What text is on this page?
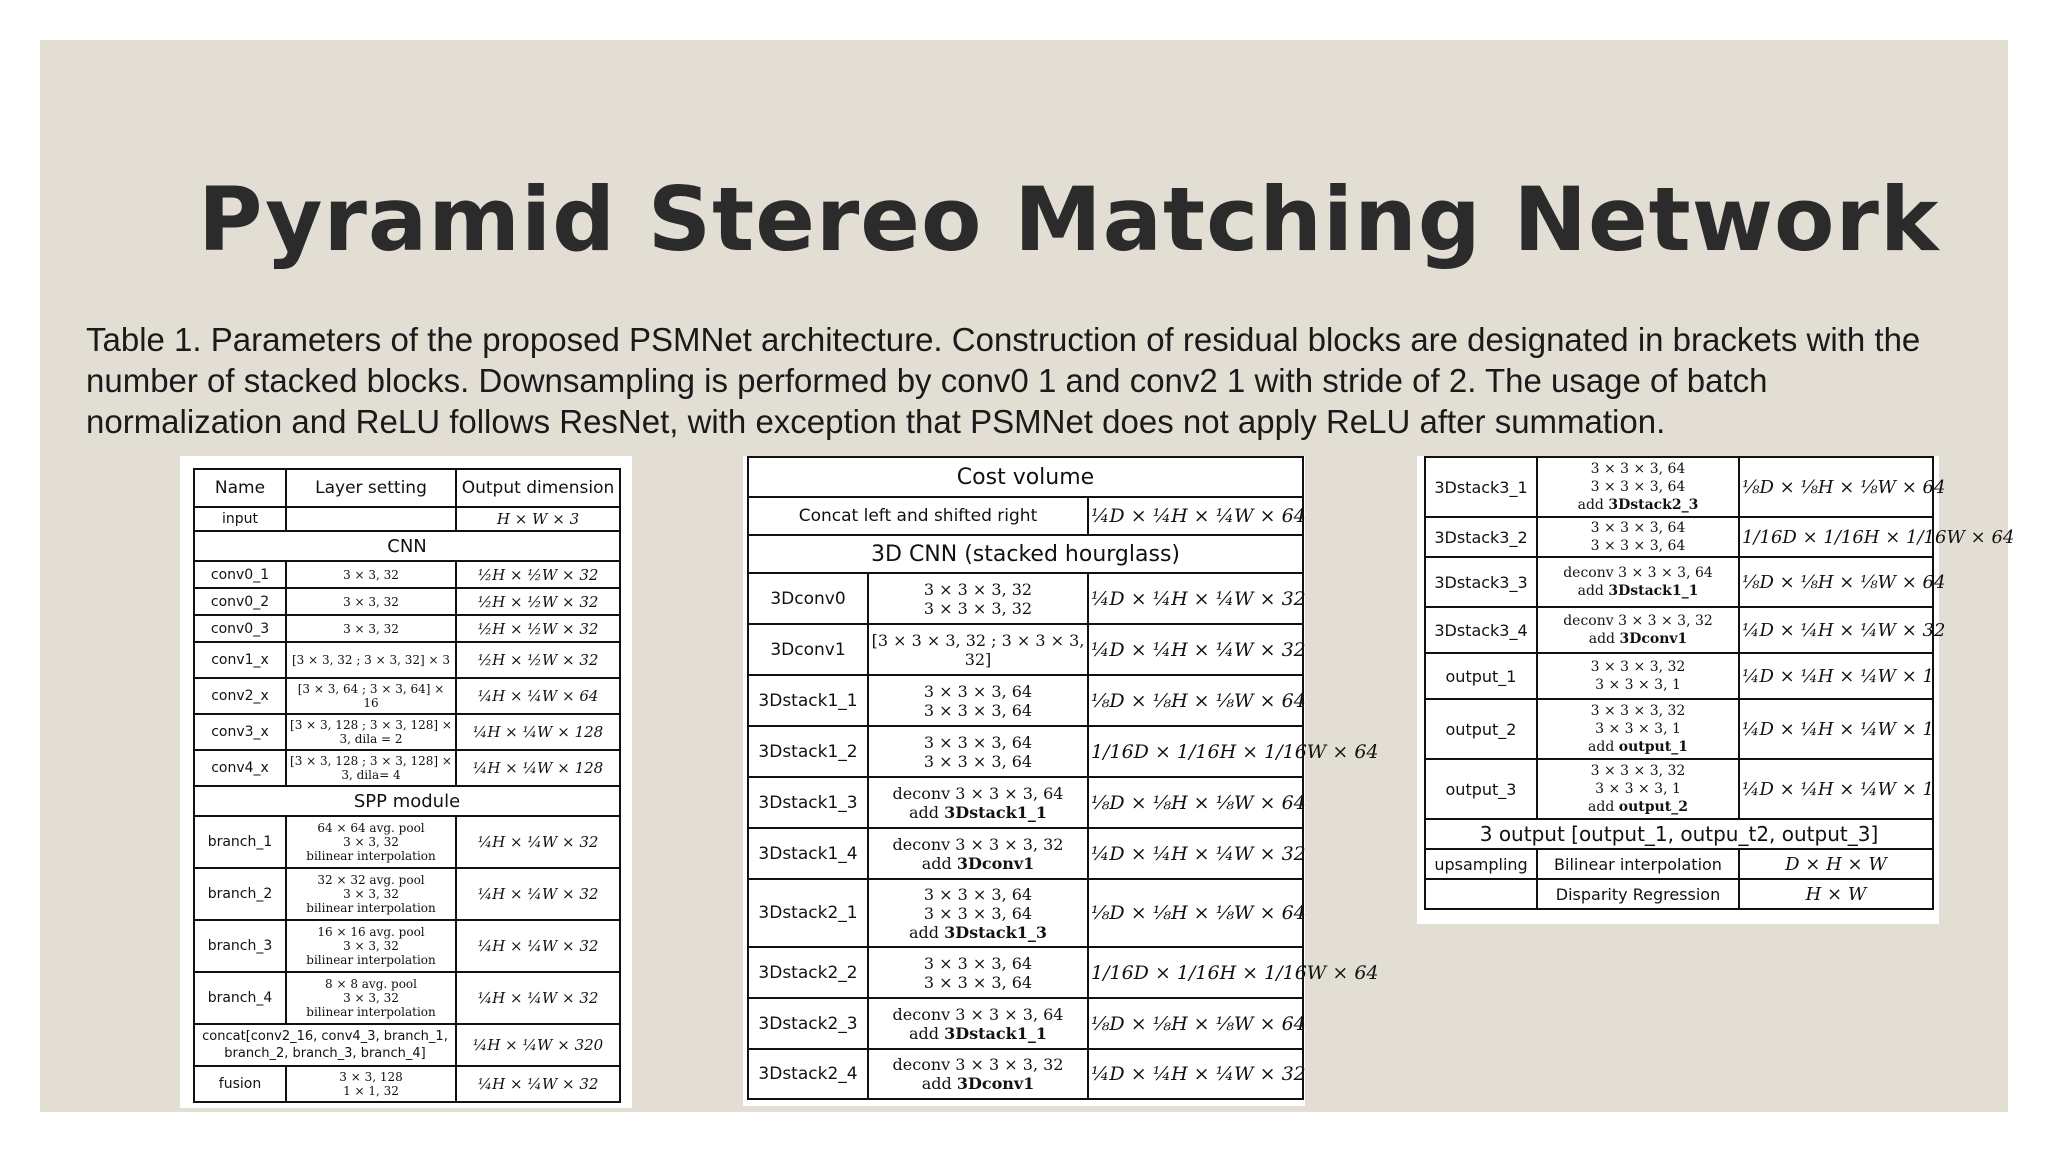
Pyramid Stereo Matching Network
Table 1. Parameters of the proposed PSMNet architecture. Construction of residual blocks are designated in brackets with the
number of stacked blocks. Downsampling is performed by conv0 1 and conv2 1 with stride of 2. The usage of batch
normalization and ReLU follows ResNet, with exception that PSMNet does not apply ReLU after summation.
Name	Layer setting	Output dimension
input		H × W × 3
CNN		
conv0_1	3 × 3, 32	½H × ½W × 32
conv0_2	3 × 3, 32	½H × ½W × 32
conv0_3	3 × 3, 32	½H × ½W × 32
conv1_x	[3 × 3, 32 ; 3 × 3, 32] × 3	½H × ½W × 32
conv2_x	[3 × 3, 64 ; 3 × 3, 64] × 16	¼H × ¼W × 64
conv3_x	[3 × 3, 128 ; 3 × 3, 128] × 3, dila = 2	¼H × ¼W × 128
conv4_x	[3 × 3, 128 ; 3 × 3, 128] × 3, dila= 4	¼H × ¼W × 128
SPP module		
branch_1	64 × 64 avg. pool
3 × 3, 32
bilinear interpolation	¼H × ¼W × 32
branch_2	32 × 32 avg. pool
3 × 3, 32
bilinear interpolation	¼H × ¼W × 32
branch_3	16 × 16 avg. pool
3 × 3, 32
bilinear interpolation	¼H × ¼W × 32
branch_4	8 × 8 avg. pool
3 × 3, 32
bilinear interpolation	¼H × ¼W × 32
concat[conv2_16, conv4_3, branch_1, branch_2, branch_3, branch_4]		¼H × ¼W × 320
fusion	3 × 3, 128
1 × 1, 32	¼H × ¼W × 32
Cost volume		
Concat left and shifted right		¼D × ¼H × ¼W × 64
3D CNN (stacked hourglass)		
3Dconv0	3 × 3 × 3, 32
3 × 3 × 3, 32	¼D × ¼H × ¼W × 32
3Dconv1	[3 × 3 × 3, 32 ; 3 × 3 × 3, 32]	¼D × ¼H × ¼W × 32
3Dstack1_1	3 × 3 × 3, 64
3 × 3 × 3, 64	⅛D × ⅛H × ⅛W × 64
3Dstack1_2	3 × 3 × 3, 64
3 × 3 × 3, 64	1/16D × 1/16H × 1/16W × 64
3Dstack1_3	deconv 3 × 3 × 3, 64
add 3Dstack1_1	⅛D × ⅛H × ⅛W × 64
3Dstack1_4	deconv 3 × 3 × 3, 32
add 3Dconv1	¼D × ¼H × ¼W × 32
3Dstack2_1	3 × 3 × 3, 64
3 × 3 × 3, 64
add 3Dstack1_3	⅛D × ⅛H × ⅛W × 64
3Dstack2_2	3 × 3 × 3, 64
3 × 3 × 3, 64	1/16D × 1/16H × 1/16W × 64
3Dstack2_3	deconv 3 × 3 × 3, 64
add 3Dstack1_1	⅛D × ⅛H × ⅛W × 64
3Dstack2_4	deconv 3 × 3 × 3, 32
add 3Dconv1	¼D × ¼H × ¼W × 32
3Dstack3_1	3 × 3 × 3, 64
3 × 3 × 3, 64
add 3Dstack2_3	⅛D × ⅛H × ⅛W × 64
3Dstack3_2	3 × 3 × 3, 64
3 × 3 × 3, 64	1/16D × 1/16H × 1/16W × 64
3Dstack3_3	deconv 3 × 3 × 3, 64
add 3Dstack1_1	⅛D × ⅛H × ⅛W × 64
3Dstack3_4	deconv 3 × 3 × 3, 32
add 3Dconv1	¼D × ¼H × ¼W × 32
output_1	3 × 3 × 3, 32
3 × 3 × 3, 1	¼D × ¼H × ¼W × 1
output_2	3 × 3 × 3, 32
3 × 3 × 3, 1
add output_1	¼D × ¼H × ¼W × 1
output_3	3 × 3 × 3, 32
3 × 3 × 3, 1
add output_2	¼D × ¼H × ¼W × 1
3 output [output_1, outpu_t2, output_3]		
upsampling	Bilinear interpolation	D × H × W
	Disparity Regression	H × W
